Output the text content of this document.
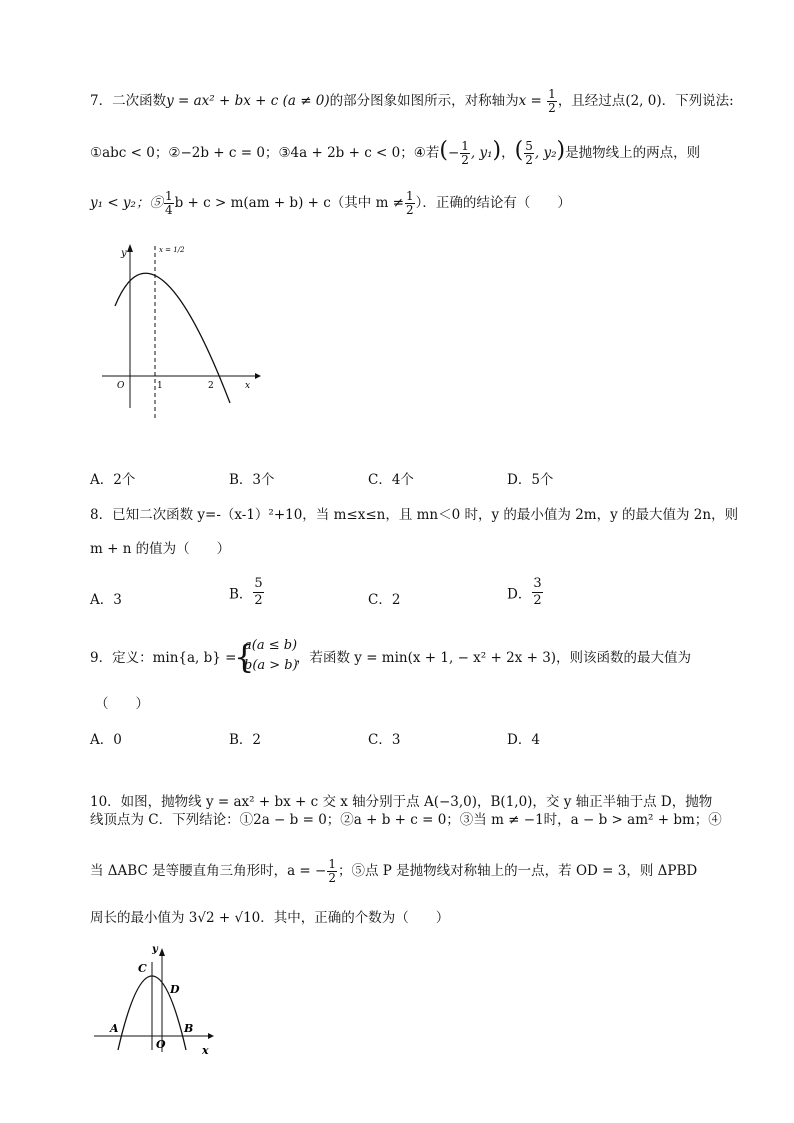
7．二次函数y = ax² + bx + c (a ≠ 0)的部分图象如图所示，对称轴为$x = \frac{1}{2}$ ，且经过点(2, 0)．下列说法:
①abc < 0；②−2b + c = 0；③4a + 2b + c < 0；④若(− $\frac{1}{2}$ , y₁)，( $\frac{5}{2}$ , y₂)是抛物线上的两点，则
y₁ < y₂；⑤ $\frac{1}{4}$ b + c > m(am + b) + c（其中 $m \ne \frac{1}{2}$ ）．正确的结论有（　　）
y	x = 1/2
O	1	2	x
A．2个	B．3个	C．4个	D．5个
8．已知二次函数 y=-（x-1）²+10，当 m≤x≤n，且 mn＜0 时，y 的最小值为 2m，y 的最大值为 2n，则
m + n 的值为（　　）
A．3	B． $\frac{5}{2}$	C．2	D． $\frac{3}{2}$
9．定义：min{a, b} =
{
a(a ≤ b)
b(a > b)
，若函数 y = min(x + 1, − x² + 2x + 3)，则该函数的最大值为
（　　）
A．0	B．2	C．3	D．4
10．如图，抛物线 y = ax² + bx + c 交 x 轴分别于点 A(−3,0)，B(1,0)，交 y 轴正半轴于点 D，抛物
线顶点为 C．下列结论：①2a − b = 0；②a + b + c = 0；③当 m ≠ −1时，a − b > am² + bm；④
当 ΔABC 是等腰直角三角形时，a = − $\frac{1}{2}$ ；⑤点 P 是抛物线对称轴上的一点，若 OD = 3，则 ΔPBD
周长的最小值为 3√2 + √10．其中，正确的个数为（　　）
y
C
D
A	B
O	x
